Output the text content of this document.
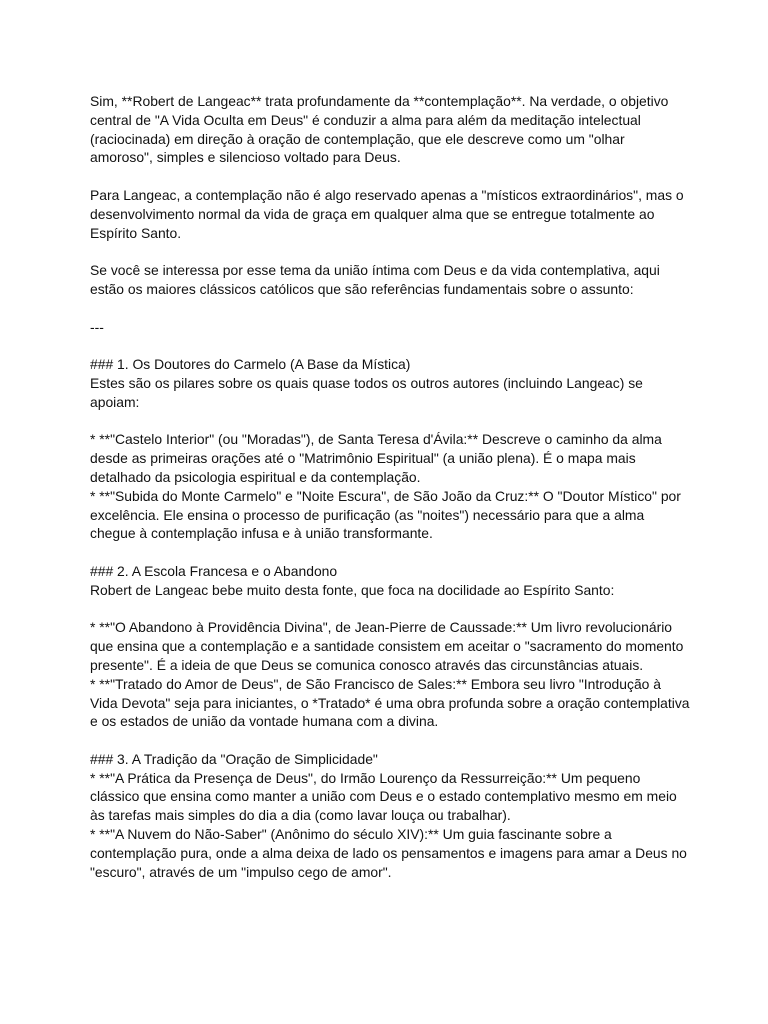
Sim, **Robert de Langeac** trata profundamente da **contemplação**. Na verdade, o objetivo central de "A Vida Oculta em Deus" é conduzir a alma para além da meditação intelectual (raciocinada) em direção à oração de contemplação, que ele descreve como um "olhar amoroso", simples e silencioso voltado para Deus.

Para Langeac, a contemplação não é algo reservado apenas a "místicos extraordinários", mas o desenvolvimento normal da vida de graça em qualquer alma que se entregue totalmente ao Espírito Santo.

Se você se interessa por esse tema da união íntima com Deus e da vida contemplativa, aqui estão os maiores clássicos católicos que são referências fundamentais sobre o assunto:

---

### 1. Os Doutores do Carmelo (A Base da Mística)

Estes são os pilares sobre os quais quase todos os outros autores (incluindo Langeac) se apoiam:

* **"Castelo Interior" (ou "Moradas"), de Santa Teresa d'Ávila:** Descreve o caminho da alma desde as primeiras orações até o "Matrimônio Espiritual" (a união plena). É o mapa mais detalhado da psicologia espiritual e da contemplação.

* **"Subida do Monte Carmelo" e "Noite Escura", de São João da Cruz:** O "Doutor Místico" por excelência. Ele ensina o processo de purificação (as "noites") necessário para que a alma chegue à contemplação infusa e à união transformante.

### 2. A Escola Francesa e o Abandono

Robert de Langeac bebe muito desta fonte, que foca na docilidade ao Espírito Santo:

* **"O Abandono à Providência Divina", de Jean-Pierre de Caussade:** Um livro revolucionário que ensina que a contemplação e a santidade consistem em aceitar o "sacramento do momento presente". É a ideia de que Deus se comunica conosco através das circunstâncias atuais.

* **"Tratado do Amor de Deus", de São Francisco de Sales:** Embora seu livro "Introdução à Vida Devota" seja para iniciantes, o *Tratado* é uma obra profunda sobre a oração contemplativa e os estados de união da vontade humana com a divina.

### 3. A Tradição da "Oração de Simplicidade"

* **"A Prática da Presença de Deus", do Irmão Lourenço da Ressurreição:** Um pequeno clássico que ensina como manter a união com Deus e o estado contemplativo mesmo em meio às tarefas mais simples do dia a dia (como lavar louça ou trabalhar).

* **"A Nuvem do Não-Saber" (Anônimo do século XIV):** Um guia fascinante sobre a contemplação pura, onde a alma deixa de lado os pensamentos e imagens para amar a Deus no "escuro", através de um "impulso cego de amor".
